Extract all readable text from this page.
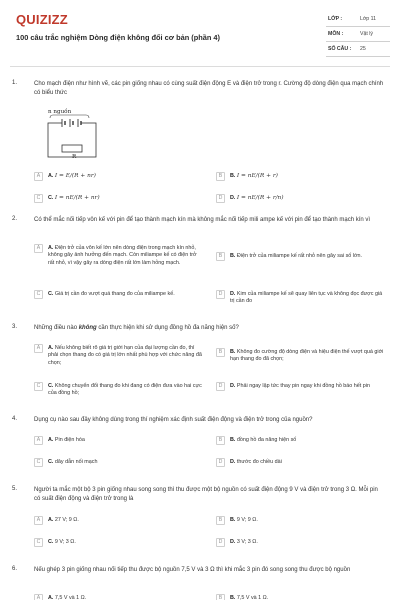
QUIZIZZ
100 câu trắc nghiệm Dòng điện không đổi cơ bản (phần 4)
LỚP :	Lớp 11
MÔN :	Vật lý
SỐ CÂU : 25
1.	Cho mạch điện như hình vẽ, các pin giống nhau có cùng suất điện động E và điện trở trong r. Cường độ dòng điện qua mạch chính có biểu thức
n nguồn
R
A	A. I = E/(R + nr)	B	B. I = nE/(R + r)
C	C. I = nE/(R + nr)	D	D. I = nE/(R + r/n)
2.	Có thể mắc nối tiếp vôn kế với pin để tạo thành mạch kín mà không mắc nối tiếp mili ampe kế với pin để tạo thành mạch kín vì
A	A. Điện trở của vôn kế lớn nên dòng điện trong mạch kín nhỏ, không gây ảnh hưởng đến mạch. Còn miliampe kế có điện trở rất nhỏ, vì vậy gây ra dòng điện rất lớn làm hỏng mạch.
B	B. Điện trở của miliampe kế rất nhỏ nên gây sai số lớn.
C	C. Giá trị cần đo vượt quá thang đo của miliampe kế.	D	D. Kim của miliampe kế sẽ quay liên tục và không đọc được giá trị cần đo
3.	Những điều nào không cần thực hiện khi sử dụng đồng hồ đa năng hiện số?
A	A. Nếu không biết rõ giá trị giới hạn của đại lượng cần đo, thì phải chọn thang đo có giá trị lớn nhất phù hợp với chức năng đã chọn;
B	B. Không đo cường độ dòng điện và hiệu điện thế vượt quá giới hạn thang đo đã chọn;
C	C. Không chuyển đổi thang đo khi đang có điện đưa vào hai cực của đồng hồ;
D	D. Phải ngay lập tức thay pin ngay khi đồng hồ báo hết pin
4.	Dụng cụ nào sau đây không dùng trong thí nghiệm xác định suất điện động và điện trở trong của nguồn?
A	A. Pin điện hóa	B	B. đồng hồ đa năng hiện số
C	C. dây dẫn nối mạch	D	D. thước đo chiều dài
5.	Người ta mắc một bộ 3 pin giống nhau song song thì thu được một bộ nguồn có suất điện động 9 V và điện trở trong 3 Ω. Mỗi pin có suất điện động và điện trở trong là
A	A. 27 V; 9 Ω.	B	B. 9 V; 9 Ω.
C	C. 9 V; 3 Ω.	D	D. 3 V; 3 Ω.
6.	Nếu ghép 3 pin giống nhau nối tiếp thu được bộ nguồn 7,5 V và 3 Ω thì khi mắc 3 pin đó song song thu được bộ nguồn
A	A. 7,5 V và 1 Ω.	B	B. 7,5 V và 1 Ω.
